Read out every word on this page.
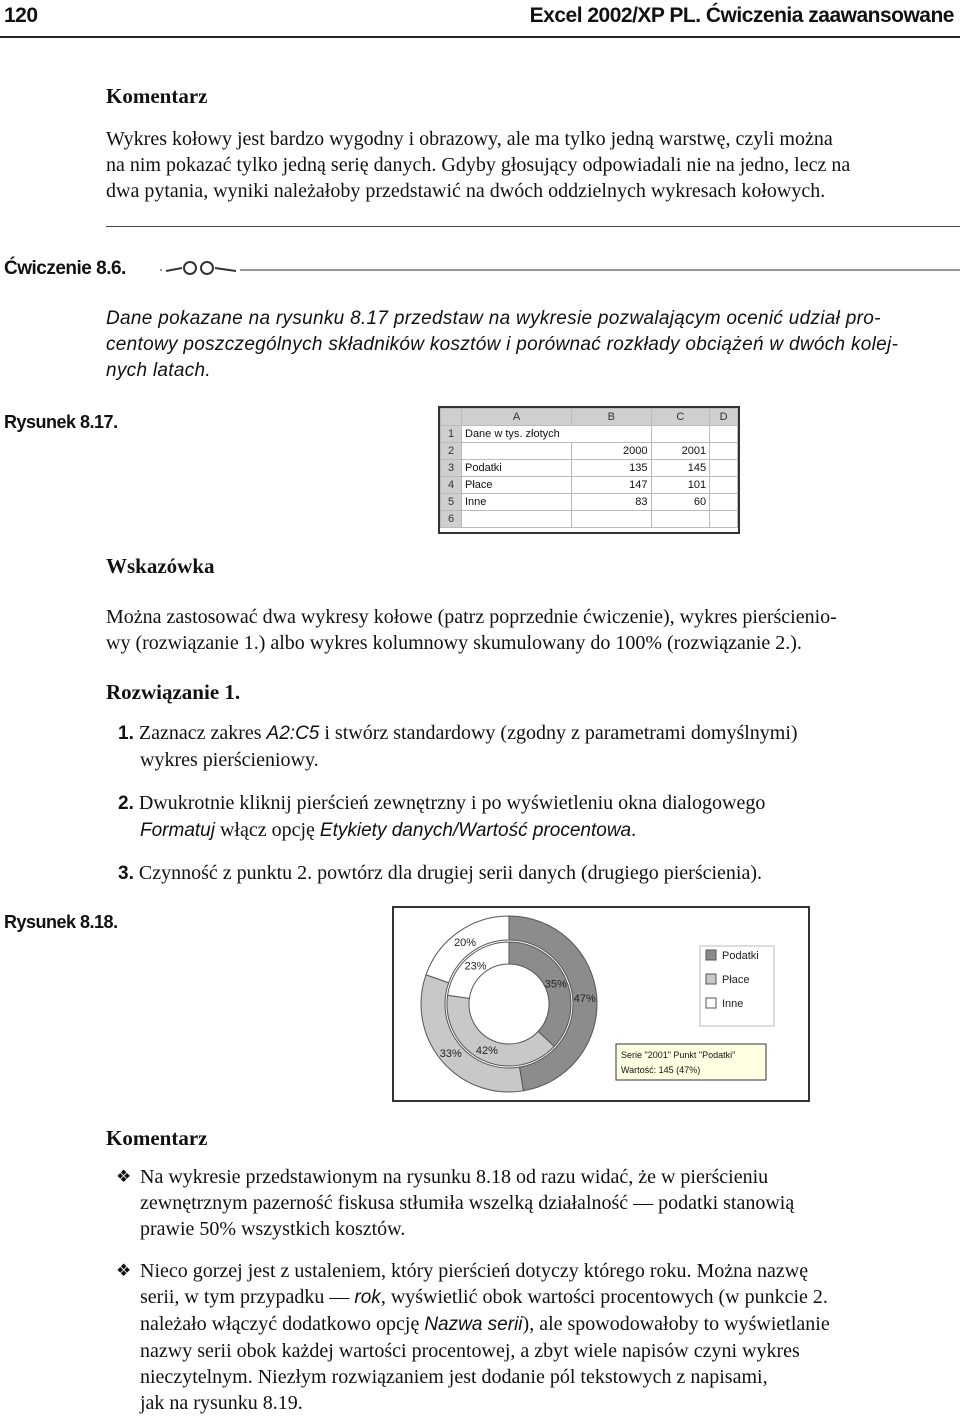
120	Excel 2002/XP PL. Ćwiczenia zaawansowane
Komentarz
Wykres kołowy jest bardzo wygodny i obrazowy, ale ma tylko jedną warstwę, czyli można
na nim pokazać tylko jedną serię danych. Gdyby głosujący odpowiadali nie na jedno, lecz na
dwa pytania, wyniki należałoby przedstawić na dwóch oddzielnych wykresach kołowych.
Ćwiczenie 8.6.
Dane pokazane na rysunku 8.17 przedstaw na wykresie pozwalającym ocenić udział pro-
centowy poszczególnych składników kosztów i porównać rozkłady obciążeń w dwóch kolej-
nych latach.
Rysunek 8.17.
		A	B	C	D
1	Dane w tys. złotych			
2		2000	2001	
3	Podatki	135	145	
4	Płace	147	101	
5	Inne	83	60	
6				
Wskazówka
Można zastosować dwa wykresy kołowe (patrz poprzednie ćwiczenie), wykres pierścienio-
wy (rozwiązanie 1.) albo wykres kolumnowy skumulowany do 100% (rozwiązanie 2.).
Rozwiązanie 1.
1. Zaznacz zakres A2:C5 i stwórz standardowy (zgodny z parametrami domyślnymi)
wykres pierścieniowy.
2. Dwukrotnie kliknij pierścień zewnętrzny i po wyświetleniu okna dialogowego
Formatuj włącz opcję Etykiety danych/Wartość procentowa.
3. Czynność z punktu 2. powtórz dla drugiej serii danych (drugiego pierścienia).
Rysunek 8.18.
47%
33%
20%
35%
42%
23%
Podatki
Płace
Inne
Serie "2001" Punkt "Podatki"
Wartość: 145 (47%)
Komentarz
❖ Na wykresie przedstawionym na rysunku 8.18 od razu widać, że w pierścieniu
zewnętrznym pazerność fiskusa stłumiła wszelką działalność — podatki stanowią
prawie 50% wszystkich kosztów.
❖ Nieco gorzej jest z ustaleniem, który pierścień dotyczy którego roku. Można nazwę
serii, w tym przypadku — rok, wyświetlić obok wartości procentowych (w punkcie 2.
należało włączyć dodatkowo opcję Nazwa serii), ale spowodowałoby to wyświetlanie
nazwy serii obok każdej wartości procentowej, a zbyt wiele napisów czyni wykres
nieczytelnym. Niezłym rozwiązaniem jest dodanie pól tekstowych z napisami,
jak na rysunku 8.19.
